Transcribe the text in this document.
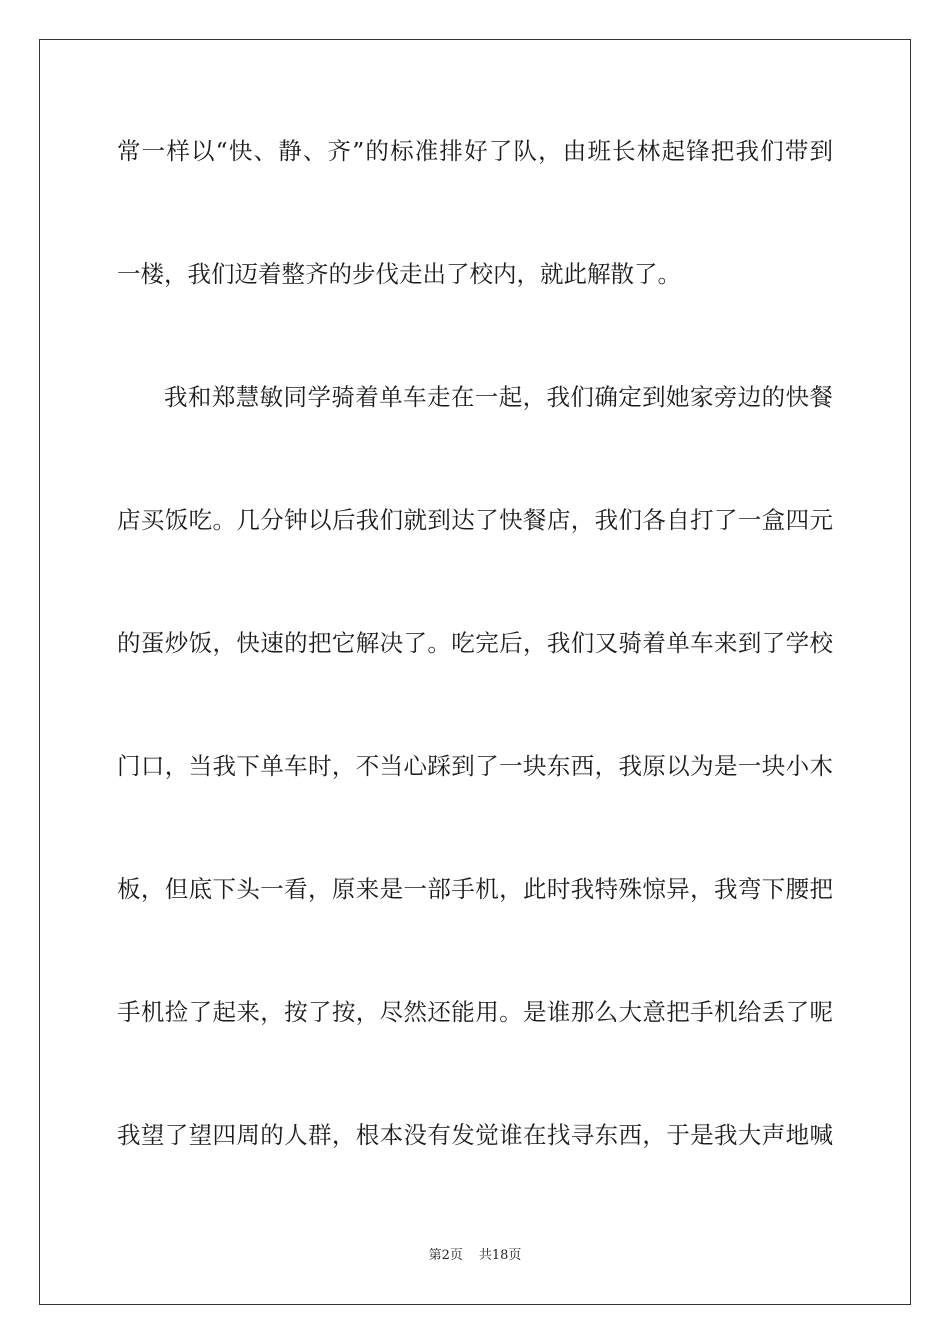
常一样以“快、静、齐”的标准排好了队，由班长林起锋把我们带到
一楼，我们迈着整齐的步伐走出了校内，就此解散了。
我和郑慧敏同学骑着单车走在一起，我们确定到她家旁边的快餐
店买饭吃。几分钟以后我们就到达了快餐店，我们各自打了一盒四元
的蛋炒饭，快速的把它解决了。吃完后，我们又骑着单车来到了学校
门口，当我下单车时，不当心踩到了一块东西，我原以为是一块小木
板，但底下头一看，原来是一部手机，此时我特殊惊异，我弯下腰把
手机捡了起来，按了按，尽然还能用。是谁那么大意把手机给丢了呢
我望了望四周的人群，根本没有发觉谁在找寻东西，于是我大声地喊
第2页 共18页
